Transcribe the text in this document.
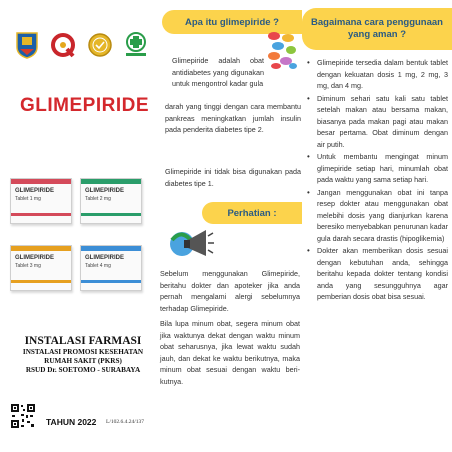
GLIMEPIRIDE
GLIMEPIRIDE
Tablet 1 mg
GLIMEPIRIDE
Tablet 2 mg
GLIMEPIRIDE
Tablet 3 mg
GLIMEPIRIDE
Tablet 4 mg
INSTALASI FARMASI
INSTALASI PROMOSI KESEHATAN
RUMAH SAKIT (PKRS)
RSUD Dr. SOETOMO - SURABAYA
TAHUN 2022 L/102.6.4.24/137
Apa itu glimepiride ?
Glimepiride adalah obat antidiabetes yang digunakan untuk mengontrol kadar gula
darah yang tinggi dengan cara membantu pankreas meningkatkan jumlah insulin pada penderita diabetes tipe 2.
Glimepiride ini tidak bisa digunakan pada diabetes tipe 1.
Perhatian :
Sebelum menggunakan Glimepiride, beritahu dokter dan apoteker jika anda pernah mengalami alergi sebelumnya terhadap Glimepiride.
Bila lupa minum obat, segera minum obat jika waktunya dekat dengan waktu minum obat seharusnya, jika lewat waktu sudah jauh, dan dekat ke waktu berikutnya, maka minum obat sesuai dengan waktu beri-kutnya.
Bagaimana cara penggunaan
yang aman ?
• Glimepiride tersedia dalam bentuk tablet dengan kekuatan dosis 1 mg, 2 mg, 3 mg, dan 4 mg.
• Diminum sehari satu kali satu tablet setelah makan atau bersama makan, biasanya pada makan pagi atau makan besar pertama. Obat diminum dengan air putih.
• Untuk membantu mengingat minum glimepiride setiap hari, minumlah obat pada waktu yang sama setiap hari.
• Jangan menggunakan obat ini tanpa resep dokter atau menggunakan obat melebihi dosis yang dianjurkan karena beresiko menyebabkan penurunan kadar gula darah secara drastis (hipoglikemia)
• Dokter akan memberikan dosis sesuai dengan kebutuhan anda, sehingga beritahu kepada dokter tentang kondisi anda yang sesungguhnya agar pemberian dosis obat bisa sesuai.
